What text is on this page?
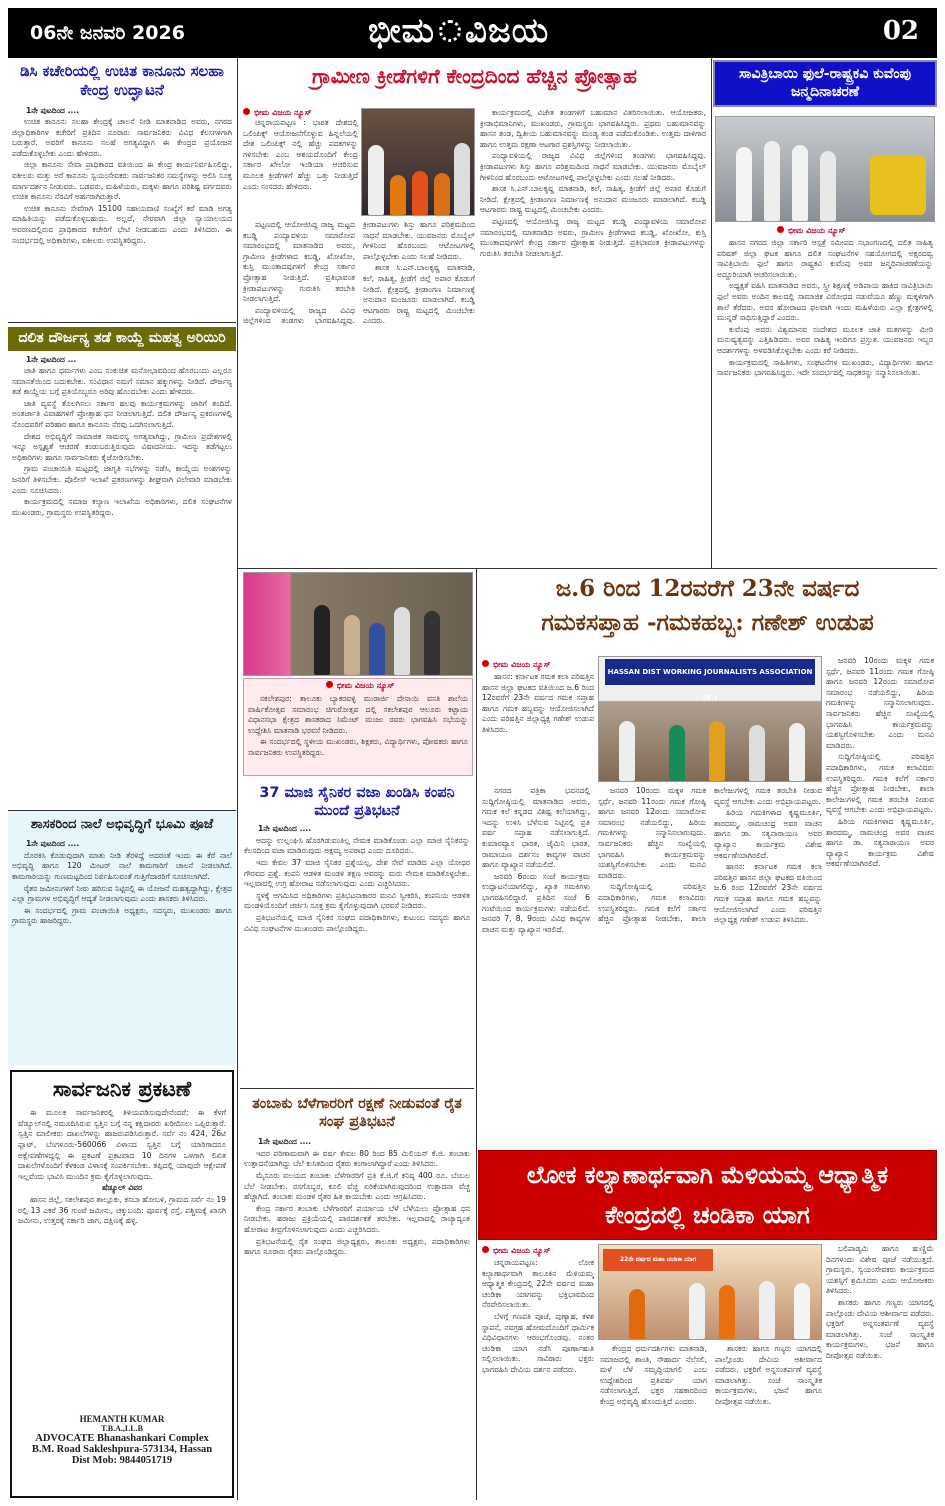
06ನೇ ಜನವರಿ 2026	ಭೀಮ ವಿಜಯ	02
ಡಿಸಿ ಕಚೇರಿಯಲ್ಲಿ ಉಚಿತ ಕಾನೂನು ಸಲಹಾ ಕೇಂದ್ರ ಉದ್ಘಾಟನೆ

1ನೇ ಪುಟದಿಂದ ....

ಉಚಿತ ಕಾನೂನು ಸಲಹಾ ಕೇಂದ್ರಕ್ಕೆ ಚಾಲನೆ ನೀಡಿ ಮಾತನಾಡಿದ ಅವರು, ನಗರದ ಜಿಲ್ಲಾಧಿಕಾರಿಗಳ ಕಚೇರಿಗೆ ಪ್ರತಿದಿನ ನೂರಾರು ಸಾರ್ವಜನಿಕರು ವಿವಿಧ ಕೆಲಸಗಳಿಗಾಗಿ ಬರುತ್ತಾರೆ. ಅವರಿಗೆ ಕಾನೂನು ಸಲಹೆ ಅಗತ್ಯವಿದ್ದಾಗ ಈ ಕೇಂದ್ರದ ಪ್ರಯೋಜನ ಪಡೆದುಕೊಳ್ಳಬೇಕು ಎಂದು ಹೇಳಿದರು.

ಜಿಲ್ಲಾ ಕಾನೂನು ಸೇವಾ ಪ್ರಾಧಿಕಾರದ ವತಿಯಿಂದ ಈ ಕೇಂದ್ರ ಕಾರ್ಯನಿರ್ವಹಿಸಲಿದ್ದು, ವಕೀಲರು ಮತ್ತು ಅರೆ ಕಾನೂನು ಸ್ವಯಂಸೇವಕರು ಸಾರ್ವಜನಿಕರ ಸಮಸ್ಯೆಗಳನ್ನು ಆಲಿಸಿ ಸೂಕ್ತ ಮಾರ್ಗದರ್ಶನ ನೀಡುವರು. ಬಡವರು, ಮಹಿಳೆಯರು, ಮಕ್ಕಳು ಹಾಗೂ ಪರಿಶಿಷ್ಟ ವರ್ಗದವರು ಉಚಿತ ಕಾನೂನು ನೆರವಿಗೆ ಅರ್ಹರಾಗಿರುತ್ತಾರೆ.

ಉಚಿತ ಕಾನೂನು ಸೇವೆಗಾಗಿ 15100 ಸಹಾಯವಾಣಿ ಸಂಖ್ಯೆಗೆ ಕರೆ ಮಾಡಿ ಅಗತ್ಯ ಮಾಹಿತಿಯನ್ನು ಪಡೆದುಕೊಳ್ಳಬಹುದು. ಅಲ್ಲದೆ, ನೇರವಾಗಿ ಜಿಲ್ಲಾ ನ್ಯಾಯಾಲಯದ ಆವರಣದಲ್ಲಿರುವ ಪ್ರಾಧಿಕಾರದ ಕಚೇರಿಗೆ ಭೇಟಿ ನೀಡಬಹುದು ಎಂದು ತಿಳಿಸಿದರು. ಈ ಸಂದರ್ಭದಲ್ಲಿ ಅಧಿಕಾರಿಗಳು, ವಕೀಲರು ಉಪಸ್ಥಿತರಿದ್ದರು.

ದಲಿತ ದೌರ್ಜನ್ಯ ತಡೆ ಕಾಯ್ದೆ ಮಹತ್ವ ಅರಿಯಿರಿ

1ನೇ ಪುಟದಿಂದ ...

ಜಾತಿ ಹಾಗೂ ಧರ್ಮಗಳು ಎಂಬ ಸಂಕುಚಿತ ಮನೋಭಾವದಿಂದ ಹೊರಬಂದು ಎಲ್ಲರೂ ಸಮಾನತೆಯಿಂದ ಬದುಕಬೇಕು. ಸಂವಿಧಾನ ನಮಗೆ ಸಮಾನ ಹಕ್ಕುಗಳನ್ನು ನೀಡಿದೆ. ದೌರ್ಜನ್ಯ ತಡೆ ಕಾಯ್ದೆಯ ಬಗ್ಗೆ ಪ್ರತಿಯೊಬ್ಬರೂ ಅರಿವು ಹೊಂದಬೇಕು ಎಂದು ಹೇಳಿದರು.

ಜಾತಿ ವ್ಯವಸ್ಥೆ ತೊಲಗಿಸಲು ಸರ್ಕಾರ ಹಲವು ಕಾರ್ಯಕ್ರಮಗಳನ್ನು ಜಾರಿಗೆ ತಂದಿದೆ. ಅಂತರ್ಜಾತಿ ವಿವಾಹಗಳಿಗೆ ಪ್ರೋತ್ಸಾಹ ಧನ ನೀಡಲಾಗುತ್ತಿದೆ. ದಲಿತ ದೌರ್ಜನ್ಯ ಪ್ರಕರಣಗಳಲ್ಲಿ ನೊಂದವರಿಗೆ ಪರಿಹಾರ ಹಾಗೂ ಕಾನೂನು ನೆರವು ಒದಗಿಸಲಾಗುತ್ತಿದೆ.

ದೇಶದ ಅಭಿವೃದ್ಧಿಗೆ ಸಾಮಾಜಿಕ ಸಾಮರಸ್ಯ ಅಗತ್ಯವಾಗಿದ್ದು, ಗ್ರಾಮೀಣ ಪ್ರದೇಶಗಳಲ್ಲಿ ಇನ್ನೂ ಅಸ್ಪೃಶ್ಯತೆ ಆಚರಣೆ ಕಂಡುಬರುತ್ತಿರುವುದು ವಿಷಾದನೀಯ. ಇದನ್ನು ತಡೆಗಟ್ಟಲು ಅಧಿಕಾರಿಗಳು ಹಾಗೂ ಸಾರ್ವಜನಿಕರು ಕೈಜೋಡಿಸಬೇಕು.

ಗ್ರಾಮ ಪಂಚಾಯಿತಿ ಮಟ್ಟದಲ್ಲಿ ಜಾಗೃತಿ ಸಭೆಗಳನ್ನು ನಡೆಸಿ, ಕಾಯ್ದೆಯ ಅಂಶಗಳನ್ನು ಜನರಿಗೆ ತಿಳಿಸಬೇಕು. ಪೊಲೀಸ್ ಇಲಾಖೆ ಪ್ರಕರಣಗಳನ್ನು ಶೀಘ್ರವಾಗಿ ವಿಲೇವಾರಿ ಮಾಡಬೇಕು ಎಂದು ಸೂಚಿಸಿದರು.

ಕಾರ್ಯಕ್ರಮದಲ್ಲಿ ಸಮಾಜ ಕಲ್ಯಾಣ ಇಲಾಖೆಯ ಅಧಿಕಾರಿಗಳು, ದಲಿತ ಸಂಘಟನೆಗಳ ಮುಖಂಡರು, ಗ್ರಾಮಸ್ಥರು ಉಪಸ್ಥಿತರಿದ್ದರು.

ಶಾಸಕರಿಂದ ನಾಲೆ ಅಭಿವೃದ್ಧಿಗೆ ಭೂಮಿ ಪೂಜೆ

1ನೇ ಪುಟದಿಂದ ....

ದೊರಕಿಸಿ ಕೊಡುವುದಾಗಿ ಮಾತು ನೀಡಿ ತೆರಳಿದ್ದೆ ಅದರಂತೆ ಇಂದು ಈ ಕೆರೆ ನಾಲೆ ಅಭಿವೃದ್ಧಿ ಹಾಗೂ 120 ಮೀಟರ್ ನಾಲೆ ಕಾಮಗಾರಿಗೆ ಚಾಲನೆ ನೀಡಲಾಗಿದೆ. ಕಾಮಗಾರಿಯನ್ನು ಗುಣಮಟ್ಟದಿಂದ ನಿರ್ವಹಿಸುವಂತೆ ಗುತ್ತಿಗೆದಾರರಿಗೆ ಸೂಚಿಸಲಾಗಿದೆ.

ರೈತರ ಜಮೀನುಗಳಿಗೆ ನೀರು ಹರಿಸುವ ನಿಟ್ಟಿನಲ್ಲಿ ಈ ಯೋಜನೆ ಮಹತ್ವದ್ದಾಗಿದ್ದು, ಕ್ಷೇತ್ರದ ಎಲ್ಲಾ ಗ್ರಾಮಗಳ ಅಭಿವೃದ್ಧಿಗೆ ಆದ್ಯತೆ ನೀಡಲಾಗುವುದು ಎಂದು ಶಾಸಕರು ತಿಳಿಸಿದರು.

ಈ ಸಂದರ್ಭದಲ್ಲಿ ಗ್ರಾಮ ಪಂಚಾಯಿತಿ ಅಧ್ಯಕ್ಷರು, ಸದಸ್ಯರು, ಮುಖಂಡರು ಹಾಗೂ ಗ್ರಾಮಸ್ಥರು ಹಾಜರಿದ್ದರು.

ಸಾರ್ವಜನಿಕ ಪ್ರಕಟಣೆ

ಈ ಮೂಲಕ ಸಾರ್ವಜನಿಕರಲ್ಲಿ ತಿಳಿಯಪಡಿಸುವುದೇನೆಂದರೆ; ಈ ಕೆಳಗೆ ಷೆಡ್ಯೂಲ್‌ನಲ್ಲಿ ನಮೂದಿಸಿರುವ ಸ್ವತ್ತಿನ ಬಗ್ಗೆ ನನ್ನ ಕಕ್ಷಿದಾರರು ಖರೀದಿಸಲು ಒಪ್ಪಿರುತ್ತಾರೆ. ಸ್ವತ್ತಿನ ಮಾಲೀಕರು ದಾಖಲೆಗಳನ್ನು ಹಾಜರುಪಡಿಸಿರುತ್ತಾರೆ. ಸರ್ವೆ ನಂ 424, 26ಟಿ ಫ್ಲಾಟ್, ಬೆಂಗಳೂರು-560066 ವಿಳಾಸದ ಸ್ವತ್ತಿನ ಬಗ್ಗೆ ಯಾರಿಗಾದರೂ ಆಕ್ಷೇಪಣೆಗಳಿದ್ದಲ್ಲಿ ಈ ಪ್ರಕಟಣೆ ಪ್ರಕಟವಾದ 10 ದಿನಗಳ ಒಳಗಾಗಿ ಲಿಖಿತ ದಾಖಲೆಗಳೊಂದಿಗೆ ಕೆಳಕಂಡ ವಿಳಾಸಕ್ಕೆ ಸಂಪರ್ಕಿಸಬೇಕು. ತಪ್ಪಿದಲ್ಲಿ ಯಾವುದೇ ಆಕ್ಷೇಪಣೆ ಇಲ್ಲವೆಂದು ಭಾವಿಸಿ ಮುಂದಿನ ಕ್ರಮ ಕೈಗೊಳ್ಳಲಾಗುವುದು.

ಷೆಡ್ಯೂಲ್ ವಿವರ

ಹಾಸನ ಜಿಲ್ಲೆ, ಸಕಲೇಶಪುರ ತಾಲ್ಲೂಕು, ಕಸಬಾ ಹೋಬಳಿ, ಗ್ರಾಮದ ಸರ್ವೆ ನಂ 19 ರಲ್ಲಿ 13 ಎಕರೆ 36 ಗುಂಟೆ ಜಮೀನು, ಚಕ್ಕುಬಂದಿ: ಪೂರ್ವಕ್ಕೆ ರಸ್ತೆ, ಪಶ್ಚಿಮಕ್ಕೆ ಖಾಸಗಿ ಜಮೀನು, ಉತ್ತರಕ್ಕೆ ಸರ್ಕಾರಿ ಜಾಗ, ದಕ್ಷಿಣಕ್ಕೆ ಹಳ್ಳ.

HEMANTH KUMAR
T.B.A.,LL.B
ADVOCATE Bhanashankari Complex
B.M. Road Sakleshpura-573134, Hassan
Dist Mob: 9844051719
ಗ್ರಾಮೀಣ ಕ್ರೀಡೆಗಳಿಗೆ ಕೇಂದ್ರದಿಂದ ಹೆಚ್ಚಿನ ಪ್ರೋತ್ಸಾಹ
ಭೀಮ ವಿಜಯ ನ್ಯೂಸ್

ಚನ್ನರಾಯಪಟ್ಟಣ : ಭಾರತ ದೇಶದಲ್ಲಿ ಒಲಿಂಪಿಕ್ಸ್ ಆಯೋಜನೆಗೊಳ್ಳುವ ಹಿನ್ನಲೆಯಲ್ಲಿ ದೇಶ ಒಲಿಂಪಿಕ್ಸ್ ನಲ್ಲಿ ಹೆಚ್ಚು ಪದಕಗಳನ್ನು ಗಳಿಸಬೇಕು ಎಂಬ ಆಶಯದೊಂದಿಗೆ ಕೇಂದ್ರ ಸರ್ಕಾರ ಖೇಲೋ ಇಂಡಿಯಾ ಆಚರಿಸುವ ಮೂಲಕ ಕ್ರೀಡೆಗಳಿಗೆ ಹೆಚ್ಚು ಒತ್ತು ನೀಡುತ್ತಿದೆ ಎಂದು ಸಂಸದರು ಹೇಳಿದರು.

ಪಟ್ಟಣದಲ್ಲಿ ಆಯೋಜಿಸಿದ್ದ ರಾಜ್ಯ ಮಟ್ಟದ ಕಬಡ್ಡಿ ಪಂದ್ಯಾವಳಿಯ ಸಮಾರೋಪ ಸಮಾರಂಭದಲ್ಲಿ ಮಾತನಾಡಿದ ಅವರು, ಗ್ರಾಮೀಣ ಕ್ರೀಡೆಗಳಾದ ಕಬಡ್ಡಿ, ಖೋಖೋ, ಕುಸ್ತಿ ಮುಂತಾದವುಗಳಿಗೆ ಕೇಂದ್ರ ಸರ್ಕಾರ ಪ್ರೋತ್ಸಾಹ ನೀಡುತ್ತಿದೆ. ಪ್ರತಿಭಾವಂತ ಕ್ರೀಡಾಪಟುಗಳನ್ನು ಗುರುತಿಸಿ ತರಬೇತಿ ನೀಡಲಾಗುತ್ತಿದೆ.

ಪಂದ್ಯಾವಳಿಯಲ್ಲಿ ರಾಜ್ಯದ ವಿವಿಧ ಜಿಲ್ಲೆಗಳಿಂದ ತಂಡಗಳು ಭಾಗವಹಿಸಿದ್ದವು. ಕ್ರೀಡಾಪಟುಗಳು ಶಿಸ್ತು ಹಾಗೂ ಪರಿಶ್ರಮದಿಂದ ಸಾಧನೆ ಮಾಡಬೇಕು. ಯುವಜನರು ಮೊಬೈಲ್ ಗೀಳಿನಿಂದ ಹೊರಬಂದು ಆಟೋಟಗಳಲ್ಲಿ ಪಾಲ್ಗೊಳ್ಳಬೇಕು ಎಂದು ಸಲಹೆ ನೀಡಿದರು.

ಶಾಸಕ ಸಿ.ಎನ್.ಬಾಲಕೃಷ್ಣ ಮಾತನಾಡಿ, ಕಲೆ, ಸಾಹಿತ್ಯ, ಕ್ರೀಡೆಗೆ ಜಿಲ್ಲೆ ಅಪಾರ ಕೊಡುಗೆ ನೀಡಿದೆ. ಕ್ಷೇತ್ರದಲ್ಲಿ ಕ್ರೀಡಾಂಗಣ ನಿರ್ಮಾಣಕ್ಕೆ ಅನುದಾನ ಮಂಜೂರು ಮಾಡಲಾಗಿದೆ. ಕಬಡ್ಡಿ ಆಟಗಾರರು ರಾಷ್ಟ್ರ ಮಟ್ಟದಲ್ಲಿ ಮಿಂಚಬೇಕು ಎಂದರು.

ಕಾರ್ಯಕ್ರಮದಲ್ಲಿ ವಿಜೇತ ತಂಡಗಳಿಗೆ ಬಹುಮಾನ ವಿತರಿಸಲಾಯಿತು. ಆಯೋಜಕರು, ಕ್ರೀಡಾಭಿಮಾನಿಗಳು, ಮುಖಂಡರು, ಗ್ರಾಮಸ್ಥರು ಭಾಗವಹಿಸಿದ್ದರು. ಪ್ರಥಮ ಬಹುಮಾನವನ್ನು ಹಾಸನ ತಂಡ, ದ್ವಿತೀಯ ಬಹುಮಾನವನ್ನು ಮಂಡ್ಯ ತಂಡ ಪಡೆದುಕೊಂಡಿತು. ಉತ್ತಮ ದಾಳಿಗಾರ ಹಾಗೂ ಉತ್ತಮ ರಕ್ಷಣಾ ಆಟಗಾರ ಪ್ರಶಸ್ತಿಗಳನ್ನು ನೀಡಲಾಯಿತು.

ಪಂದ್ಯಾವಳಿಯಲ್ಲಿ ರಾಜ್ಯದ ವಿವಿಧ ಜಿಲ್ಲೆಗಳಿಂದ ತಂಡಗಳು ಭಾಗವಹಿಸಿದ್ದವು. ಕ್ರೀಡಾಪಟುಗಳು ಶಿಸ್ತು ಹಾಗೂ ಪರಿಶ್ರಮದಿಂದ ಸಾಧನೆ ಮಾಡಬೇಕು. ಯುವಜನರು ಮೊಬೈಲ್ ಗೀಳಿನಿಂದ ಹೊರಬಂದು ಆಟೋಟಗಳಲ್ಲಿ ಪಾಲ್ಗೊಳ್ಳಬೇಕು ಎಂದು ಸಲಹೆ ನೀಡಿದರು.

ಶಾಸಕ ಸಿ.ಎನ್.ಬಾಲಕೃಷ್ಣ ಮಾತನಾಡಿ, ಕಲೆ, ಸಾಹಿತ್ಯ, ಕ್ರೀಡೆಗೆ ಜಿಲ್ಲೆ ಅಪಾರ ಕೊಡುಗೆ ನೀಡಿದೆ. ಕ್ಷೇತ್ರದಲ್ಲಿ ಕ್ರೀಡಾಂಗಣ ನಿರ್ಮಾಣಕ್ಕೆ ಅನುದಾನ ಮಂಜೂರು ಮಾಡಲಾಗಿದೆ. ಕಬಡ್ಡಿ ಆಟಗಾರರು ರಾಷ್ಟ್ರ ಮಟ್ಟದಲ್ಲಿ ಮಿಂಚಬೇಕು ಎಂದರು.

ಪಟ್ಟಣದಲ್ಲಿ ಆಯೋಜಿಸಿದ್ದ ರಾಜ್ಯ ಮಟ್ಟದ ಕಬಡ್ಡಿ ಪಂದ್ಯಾವಳಿಯ ಸಮಾರೋಪ ಸಮಾರಂಭದಲ್ಲಿ ಮಾತನಾಡಿದ ಅವರು, ಗ್ರಾಮೀಣ ಕ್ರೀಡೆಗಳಾದ ಕಬಡ್ಡಿ, ಖೋಖೋ, ಕುಸ್ತಿ ಮುಂತಾದವುಗಳಿಗೆ ಕೇಂದ್ರ ಸರ್ಕಾರ ಪ್ರೋತ್ಸಾಹ ನೀಡುತ್ತಿದೆ. ಪ್ರತಿಭಾವಂತ ಕ್ರೀಡಾಪಟುಗಳನ್ನು ಗುರುತಿಸಿ ತರಬೇತಿ ನೀಡಲಾಗುತ್ತಿದೆ.

ಭೀಮ ವಿಜಯ ನ್ಯೂಸ್

ಸಕಲೇಶಪುರ: ತಾಲೂಕು ಬ್ಯಾಕರವಳ್ಳಿ ಮುರಾರ್ಜಿ ದೇಸಾಯಿ ವಸತಿ ಶಾಲೆಯ ವಾರ್ಷಿಕೋತ್ಸವ ಸಮಾರಂಭ ಚಿಗುರೋತ್ಸವ ದಲ್ಲಿ ಸಕಲೇಶಪುರ ಆಲೂರು ಕಟ್ಟಾಯ ವಿಧಾನಸಭಾ ಕ್ಷೇತ್ರದ ಶಾಸಕರಾದ ಸಿಮೆಂಟ್ ಮಂಜು ರವರು ಭಾಗವಹಿಸಿ ಸಭೆಯನ್ನು ಉದ್ದೇಶಿಸಿ ಮಾತನಾಡಿ ಭರವಸೆ ನೀಡಿದರು.

ಈ ಸಂದರ್ಭದಲ್ಲಿ ಸ್ಥಳೀಯ ಮುಖಂಡರು, ಶಿಕ್ಷಕರು, ವಿದ್ಯಾರ್ಥಿಗಳು, ಪೋಷಕರು ಹಾಗೂ ಸಾರ್ವಜನಿಕರು ಉಪಸ್ಥಿತರಿದ್ದರು.

37 ಮಾಜಿ ಸೈನಿಕರ ವಜಾ ಖಂಡಿಸಿ ಕಂಪನಿ ಮುಂದೆ ಪ್ರತಿಭಟನೆ

1ನೇ ಪುಟದಿಂದ ....

ಆದನ್ನು ಉಲ್ಲಂಘಿಸಿ ಹೊರಗಿಡುವಂತಿಲ್ಲ ನೇಮಕ ಮಾಡಿಕೊಂಡು ಎಲ್ಲಾ ಮಾಜಿ ಸೈನಿಕರನ್ನು ಕೆಲಸದಿಂದ ವಜಾ ಮಾಡಿರುವುದು ಅಕ್ಷಮ್ಯ ಅಪರಾಧ ಎಂದು ದೂರಿದರು.

ಇದು ಕೇವಲ 37 ಮಾಜಿ ಸೈನಿಕರ ಪ್ರಶ್ನೆಯಲ್ಲ, ದೇಶ ಸೇವೆ ಮಾಡಿದ ಎಲ್ಲಾ ಯೋಧರ ಗೌರವದ ಪ್ರಶ್ನೆ. ಕಂಪನಿ ಆಡಳಿತ ಮಂಡಳಿ ತಕ್ಷಣ ಅವರನ್ನು ಮರು ನೇಮಕ ಮಾಡಿಕೊಳ್ಳಬೇಕು. ಇಲ್ಲವಾದಲ್ಲಿ ಉಗ್ರ ಹೋರಾಟ ನಡೆಸಲಾಗುವುದು ಎಂದು ಎಚ್ಚರಿಸಿದರು.

ಸ್ಥಳಕ್ಕೆ ಆಗಮಿಸಿದ ಅಧಿಕಾರಿಗಳು ಪ್ರತಿಭಟನಾಕಾರರ ಮನವಿ ಸ್ವೀಕರಿಸಿ, ಕಂಪನಿಯ ಆಡಳಿತ ಮಂಡಳಿಯೊಂದಿಗೆ ಚರ್ಚಿಸಿ ಸೂಕ್ತ ಕ್ರಮ ಕೈಗೊಳ್ಳುವುದಾಗಿ ಭರವಸೆ ನೀಡಿದರು.

ಪ್ರತಿಭಟನೆಯಲ್ಲಿ ಮಾಜಿ ಸೈನಿಕರ ಸಂಘದ ಪದಾಧಿಕಾರಿಗಳು, ಕುಟುಂಬ ಸದಸ್ಯರು ಹಾಗೂ ವಿವಿಧ ಸಂಘಟನೆಗಳ ಮುಖಂಡರು ಪಾಲ್ಗೊಂಡಿದ್ದರು.

ತಂಬಾಕು ಬೆಳೆಗಾರರಿಗೆ ರಕ್ಷಣೆ ನೀಡುವಂತೆ ರೈತ ಸಂಘ ಪ್ರತಿಭಟನೆ

1ನೇ ಪುಟದಿಂದ ....

ಇದರ ಪರಿಣಾಮವಾಗಿ ಈ ವರ್ಷ ಕೇವಲ 80 ರಿಂದ 85 ಮಿಲಿಯನ್ ಕೆ.ಜಿ. ತಂಬಾಕು ಉತ್ಪಾದನೆಯಾಗಿದ್ದು ಬೆಲೆ ಕುಸಿತದಿಂದ ರೈತರು ಕಂಗಾಲಾಗಿದ್ದಾರೆ ಎಂದು ತಿಳಿಸಿದರು.

ಮೈಸೂರು ವಲಯದ ತಂಬಾಕು ಬೆಳೆಗಾರರಿಗೆ ಪ್ರತಿ ಕೆ.ಜಿ.ಗೆ ಕನಿಷ್ಠ 400 ರೂ. ಬೆಂಬಲ ಬೆಲೆ ನೀಡಬೇಕು. ರಸಗೊಬ್ಬರ, ಕೂಲಿ ವೆಚ್ಚ ಏರಿಕೆಯಾಗಿರುವುದರಿಂದ ಉತ್ಪಾದನಾ ವೆಚ್ಚ ಹೆಚ್ಚಾಗಿದೆ. ತಂಬಾಕು ಮಂಡಳಿ ರೈತರ ಹಿತ ಕಾಯಬೇಕು ಎಂದು ಆಗ್ರಹಿಸಿದರು.

ಕೇಂದ್ರ ಸರ್ಕಾರ ತಂಬಾಕು ಬೆಳೆಗಾರರಿಗೆ ಪರ್ಯಾಯ ಬೆಳೆ ಬೆಳೆಯಲು ಪ್ರೋತ್ಸಾಹ ಧನ ನೀಡಬೇಕು. ಹರಾಜು ಪ್ರಕ್ರಿಯೆಯಲ್ಲಿ ಪಾರದರ್ಶಕತೆ ತರಬೇಕು. ಇಲ್ಲವಾದಲ್ಲಿ ರಾಜ್ಯಾದ್ಯಂತ ಹೋರಾಟ ತೀವ್ರಗೊಳಿಸಲಾಗುವುದು ಎಂದು ಎಚ್ಚರಿಸಿದರು.

ಪ್ರತಿಭಟನೆಯಲ್ಲಿ ರೈತ ಸಂಘದ ಜಿಲ್ಲಾಧ್ಯಕ್ಷರು, ತಾಲೂಕು ಅಧ್ಯಕ್ಷರು, ಪದಾಧಿಕಾರಿಗಳು ಹಾಗೂ ನೂರಾರು ರೈತರು ಪಾಲ್ಗೊಂಡಿದ್ದರು.

ಸಾವಿತ್ರಿಬಾಯಿ ಫುಲೆ-ರಾಷ್ಟ್ರಕವಿ ಕುವೆಂಪು ಜನ್ಮದಿನಾಚರಣೆ
ಭೀಮ ವಿಜಯ ನ್ಯೂಸ್

ಹಾಸನ ನಗರದ ಜಿಲ್ಲಾ ಸರ್ಕಾರಿ ಆಸ್ಪತ್ರೆ ಸಮೀಪದ ಸಭಾಂಗಣದಲ್ಲಿ ದಲಿತ ಸಾಹಿತ್ಯ ಪರಿಷತ್ ಜಿಲ್ಲಾ ಘಟಕ ಹಾಗೂ ದಲಿತ ಸಂಘಟನೆಗಳ ಸಹಯೋಗದಲ್ಲಿ ಅಕ್ಷರದವ್ವ ಸಾವಿತ್ರಿಬಾಯಿ ಫುಲೆ ಹಾಗೂ ರಾಷ್ಟ್ರಕವಿ ಕುವೆಂಪು ಅವರ ಜನ್ಮದಿನಾಚರಣೆಯನ್ನು ಅದ್ದೂರಿಯಾಗಿ ಆಚರಿಸಲಾಯಿತು.

ಅಧ್ಯಕ್ಷತೆ ವಹಿಸಿ ಮಾತನಾಡಿದ ಅವರು, ಸ್ತ್ರೀ ಶಿಕ್ಷಣಕ್ಕೆ ಅಡಿಪಾಯ ಹಾಕಿದ ಸಾವಿತ್ರಿಬಾಯಿ ಫುಲೆ ಅವರು ಅಂದಿನ ಕಾಲದಲ್ಲಿ ಸಾಮಾಜಿಕ ವಿರೋಧದ ನಡುವೆಯೂ ಹೆಣ್ಣು ಮಕ್ಕಳಿಗಾಗಿ ಶಾಲೆ ತೆರೆದರು. ಅವರ ಹೋರಾಟದ ಫಲವಾಗಿ ಇಂದು ಮಹಿಳೆಯರು ಎಲ್ಲಾ ಕ್ಷೇತ್ರಗಳಲ್ಲಿ ಮುನ್ನಡೆ ಸಾಧಿಸುತ್ತಿದ್ದಾರೆ ಎಂದರು.

ಕುವೆಂಪು ಅವರು ವಿಶ್ವಮಾನವ ಸಂದೇಶದ ಮೂಲಕ ಜಾತಿ ಮತಗಳನ್ನು ಮೀರಿ ಮನುಷ್ಯತ್ವವನ್ನು ಎತ್ತಿಹಿಡಿದರು. ಅವರ ಸಾಹಿತ್ಯ ಇಂದಿಗೂ ಪ್ರಸ್ತುತ. ಯುವಜನರು ಇಬ್ಬರ ಆದರ್ಶಗಳನ್ನು ಅಳವಡಿಸಿಕೊಳ್ಳಬೇಕು ಎಂದು ಕರೆ ನೀಡಿದರು.

ಕಾರ್ಯಕ್ರಮದಲ್ಲಿ ಸಾಹಿತಿಗಳು, ಸಂಘಟನೆಗಳ ಮುಖಂಡರು, ವಿದ್ಯಾರ್ಥಿಗಳು ಹಾಗೂ ಸಾರ್ವಜನಿಕರು ಭಾಗವಹಿಸಿದ್ದರು. ಇದೇ ಸಂದರ್ಭದಲ್ಲಿ ಸಾಧಕರನ್ನು ಸನ್ಮಾನಿಸಲಾಯಿತು.

ಜ.6 ರಿಂದ 12ರವರೆಗೆ 23ನೇ ವರ್ಷದ
ಗಮಕಸಪ್ತಾಹ -ಗಮಕಹಬ್ಬ: ಗಣೇಶ್ ಉಡುಪ
ಭೀಮ ವಿಜಯ ನ್ಯೂಸ್

ಹಾಸನ: ಕರ್ನಾಟಕ ಗಮಕ ಕಲಾ ಪರಿಷತ್ತಿನ ಹಾಸನ ಜಿಲ್ಲಾ ಘಟಕದ ವತಿಯಿಂದ ಜ.6 ರಿಂದ 12ರವರೆಗೆ 23ನೇ ವರ್ಷದ ಗಮಕ ಸಪ್ತಾಹ ಹಾಗೂ ಗಮಕ ಹಬ್ಬವನ್ನು ಆಯೋಜಿಸಲಾಗಿದೆ ಎಂದು ಪರಿಷತ್ತಿನ ಜಿಲ್ಲಾಧ್ಯಕ್ಷ ಗಣೇಶ್ ಉಡುಪ ತಿಳಿಸಿದರು.

HASSAN DIST WORKING JOURNALISTS ASSOCIATION (R.)

ಜನವರಿ 10ರಂದು ಮಕ್ಕಳ ಗಮಕ ಸ್ಪರ್ಧೆ, ಜನವರಿ 11ರಂದು ಗಮಕ ಗೋಷ್ಠಿ ಹಾಗೂ ಜನವರಿ 12ರಂದು ಸಮಾರೋಪ ಸಮಾರಂಭ ನಡೆಯಲಿದ್ದು, ಹಿರಿಯ ಗಮಕಿಗಳನ್ನು ಸನ್ಮಾನಿಸಲಾಗುವುದು. ಸಾರ್ವಜನಿಕರು ಹೆಚ್ಚಿನ ಸಂಖ್ಯೆಯಲ್ಲಿ ಭಾಗವಹಿಸಿ ಕಾರ್ಯಕ್ರಮವನ್ನು ಯಶಸ್ವಿಗೊಳಿಸಬೇಕು ಎಂದು ಮನವಿ ಮಾಡಿದರು.

ಸುದ್ದಿಗೋಷ್ಠಿಯಲ್ಲಿ ಪರಿಷತ್ತಿನ ಪದಾಧಿಕಾರಿಗಳು, ಗಮಕ ಕಲಾವಿದರು ಉಪಸ್ಥಿತರಿದ್ದರು. ಗಮಕ ಕಲೆಗೆ ಸರ್ಕಾರ ಹೆಚ್ಚಿನ ಪ್ರೋತ್ಸಾಹ ನೀಡಬೇಕು, ಶಾಲಾ ಕಾಲೇಜುಗಳಲ್ಲಿ ಗಮಕ ತರಬೇತಿ ನೀಡುವ ವ್ಯವಸ್ಥೆ ಆಗಬೇಕು ಎಂದು ಅಭಿಪ್ರಾಯಪಟ್ಟರು.

ಹಿರಿಯ ಗಮಕಿಗಳಾದ ಕೃಷ್ಣಮೂರ್ತಿ, ಶಾರದಮ್ಮ, ರಾಮಚಂದ್ರ ಅವರ ವಾಚನ ಹಾಗೂ ಡಾ. ಸತ್ಯನಾರಾಯಣ ಅವರ ವ್ಯಾಖ್ಯಾನ ಕಾರ್ಯಕ್ರಮ ವಿಶೇಷ ಆಕರ್ಷಣೆಯಾಗಿರಲಿದೆ.

ನಗರದ ಪತ್ರಿಕಾ ಭವನದಲ್ಲಿ ಸುದ್ದಿಗೋಷ್ಠಿಯಲ್ಲಿ ಮಾತನಾಡಿದ ಅವರು, ಗಮಕ ಕಲೆ ಕನ್ನಡದ ವಿಶಿಷ್ಟ ಕಲೆಯಾಗಿದ್ದು, ಇದನ್ನು ಉಳಿಸಿ ಬೆಳೆಸುವ ನಿಟ್ಟಿನಲ್ಲಿ ಪ್ರತಿ ವರ್ಷ ಸಪ್ತಾಹ ನಡೆಸಲಾಗುತ್ತಿದೆ. ಕುಮಾರವ್ಯಾಸ ಭಾರತ, ಜೈಮಿನಿ ಭಾರತ, ರಾಮಾಯಣ ದರ್ಶನಂ ಕಾವ್ಯಗಳ ವಾಚನ ಹಾಗೂ ವ್ಯಾಖ್ಯಾನ ನಡೆಯಲಿದೆ.

ಜನವರಿ 6ರಂದು ಸಂಜೆ ಕಾರ್ಯಕ್ರಮ ಉದ್ಘಾಟನೆಯಾಗಲಿದ್ದು, ಖ್ಯಾತ ಗಮಕಿಗಳು ಭಾಗವಹಿಸಲಿದ್ದಾರೆ. ಪ್ರತಿದಿನ ಸಂಜೆ 6 ಗಂಟೆಯಿಂದ ಕಾರ್ಯಕ್ರಮಗಳು ನಡೆಯಲಿವೆ. ಜನವರಿ 7, 8, 9ರಂದು ವಿವಿಧ ಕಾವ್ಯಗಳ ವಾಚನ ಮತ್ತು ವ್ಯಾಖ್ಯಾನ ಇರಲಿದೆ.

ಜನವರಿ 10ರಂದು ಮಕ್ಕಳ ಗಮಕ ಸ್ಪರ್ಧೆ, ಜನವರಿ 11ರಂದು ಗಮಕ ಗೋಷ್ಠಿ ಹಾಗೂ ಜನವರಿ 12ರಂದು ಸಮಾರೋಪ ಸಮಾರಂಭ ನಡೆಯಲಿದ್ದು, ಹಿರಿಯ ಗಮಕಿಗಳನ್ನು ಸನ್ಮಾನಿಸಲಾಗುವುದು. ಸಾರ್ವಜನಿಕರು ಹೆಚ್ಚಿನ ಸಂಖ್ಯೆಯಲ್ಲಿ ಭಾಗವಹಿಸಿ ಕಾರ್ಯಕ್ರಮವನ್ನು ಯಶಸ್ವಿಗೊಳಿಸಬೇಕು ಎಂದು ಮನವಿ ಮಾಡಿದರು.

ಸುದ್ದಿಗೋಷ್ಠಿಯಲ್ಲಿ ಪರಿಷತ್ತಿನ ಪದಾಧಿಕಾರಿಗಳು, ಗಮಕ ಕಲಾವಿದರು ಉಪಸ್ಥಿತರಿದ್ದರು. ಗಮಕ ಕಲೆಗೆ ಸರ್ಕಾರ ಹೆಚ್ಚಿನ ಪ್ರೋತ್ಸಾಹ ನೀಡಬೇಕು, ಶಾಲಾ ಕಾಲೇಜುಗಳಲ್ಲಿ ಗಮಕ ತರಬೇತಿ ನೀಡುವ ವ್ಯವಸ್ಥೆ ಆಗಬೇಕು ಎಂದು ಅಭಿಪ್ರಾಯಪಟ್ಟರು.

ಹಿರಿಯ ಗಮಕಿಗಳಾದ ಕೃಷ್ಣಮೂರ್ತಿ, ಶಾರದಮ್ಮ, ರಾಮಚಂದ್ರ ಅವರ ವಾಚನ ಹಾಗೂ ಡಾ. ಸತ್ಯನಾರಾಯಣ ಅವರ ವ್ಯಾಖ್ಯಾನ ಕಾರ್ಯಕ್ರಮ ವಿಶೇಷ ಆಕರ್ಷಣೆಯಾಗಿರಲಿದೆ.

ಹಾಸನ: ಕರ್ನಾಟಕ ಗಮಕ ಕಲಾ ಪರಿಷತ್ತಿನ ಹಾಸನ ಜಿಲ್ಲಾ ಘಟಕದ ವತಿಯಿಂದ ಜ.6 ರಿಂದ 12ರವರೆಗೆ 23ನೇ ವರ್ಷದ ಗಮಕ ಸಪ್ತಾಹ ಹಾಗೂ ಗಮಕ ಹಬ್ಬವನ್ನು ಆಯೋಜಿಸಲಾಗಿದೆ ಎಂದು ಪರಿಷತ್ತಿನ ಜಿಲ್ಲಾಧ್ಯಕ್ಷ ಗಣೇಶ್ ಉಡುಪ ತಿಳಿಸಿದರು.

ಲೋಕ ಕಲ್ಯಾಣಾರ್ಥವಾಗಿ ಮೆಳಿಯಮ್ಮ ಆಧ್ಯಾತ್ಮಿಕ ಕೇಂದ್ರದಲ್ಲಿ ಚಂಡಿಕಾ ಯಾಗ
ಭೀಮ ವಿಜಯ ನ್ಯೂಸ್

ಚನ್ನರಾಯಪಟ್ಟಣ: ಲೋಕ ಕಲ್ಯಾಣಾರ್ಥವಾಗಿ ತಾಲೂಕಿನ ಮೆಳಿಯಮ್ಮ ಆಧ್ಯಾತ್ಮಿಕ ಕೇಂದ್ರದಲ್ಲಿ 22ನೇ ವರ್ಷದ ಮಹಾ ಚಂಡಿಕಾ ಯಾಗವನ್ನು ಭಕ್ತಿಭಾವದಿಂದ ನೆರವೇರಿಸಲಾಯಿತು.

ಬೆಳಗ್ಗೆ ಗಣಪತಿ ಪೂಜೆ, ಪುಣ್ಯಾಹ, ಕಳಶ ಸ್ಥಾಪನೆ, ನವಗ್ರಹ ಹೋಮದೊಂದಿಗೆ ಧಾರ್ಮಿಕ ವಿಧಿವಿಧಾನಗಳು ಆರಂಭಗೊಂಡವು. ನಂತರ ಚಂಡಿಕಾ ಯಾಗ ನಡೆಸಿ ಪೂರ್ಣಾಹುತಿ ಸಲ್ಲಿಸಲಾಯಿತು. ಸಾವಿರಾರು ಭಕ್ತರು ಭಾಗವಹಿಸಿ ದೇವಿಯ ದರ್ಶನ ಪಡೆದರು.

22ನೇ ವರ್ಷದ ಮಹಾ ಚಂಡಿಕಾ ಯಾಗ

ಕೇಂದ್ರದ ಧರ್ಮದರ್ಶಿಗಳು ಮಾತನಾಡಿ, ಸಮಾಜದಲ್ಲಿ ಶಾಂತಿ, ಸೌಹಾರ್ದ ನೆಲೆಸಲಿ, ಮಳೆ ಬೆಳೆ ಸಮೃದ್ಧಿಯಾಗಲಿ ಎಂಬ ಉದ್ದೇಶದಿಂದ ಪ್ರತಿವರ್ಷ ಯಾಗ ನಡೆಸಲಾಗುತ್ತಿದೆ. ಭಕ್ತರ ಸಹಕಾರದಿಂದ ಕೇಂದ್ರ ಅಭಿವೃದ್ಧಿ ಹೊಂದುತ್ತಿದೆ ಎಂದರು.

ಶಾಸಕರು ಹಾಗೂ ಗಣ್ಯರು ಯಾಗದಲ್ಲಿ ಪಾಲ್ಗೊಂಡು ದೇವಿಯ ಆಶೀರ್ವಾದ ಪಡೆದರು. ಭಕ್ತರಿಗೆ ಅನ್ನಸಂತರ್ಪಣೆ ವ್ಯವಸ್ಥೆ ಮಾಡಲಾಗಿತ್ತು. ಸಂಜೆ ಸಾಂಸ್ಕೃತಿಕ ಕಾರ್ಯಕ್ರಮಗಳು, ಭಜನೆ ಹಾಗೂ ದೀಪೋತ್ಸವ ನಡೆಯಿತು.

ಬಲಿಪಾಡ್ಯಮಿ ಹಾಗೂ ಹುಣ್ಣಿಮೆ ದಿನಗಳಂದು ವಿಶೇಷ ಪೂಜೆ ನಡೆಯುತ್ತದೆ. ಗ್ರಾಮಸ್ಥರು, ಸ್ವಯಂಸೇವಕರು ಕಾರ್ಯಕ್ರಮದ ಯಶಸ್ಸಿಗೆ ಶ್ರಮಿಸಿದರು ಎಂದು ಆಯೋಜಕರು ತಿಳಿಸಿದರು.

ಶಾಸಕರು ಹಾಗೂ ಗಣ್ಯರು ಯಾಗದಲ್ಲಿ ಪಾಲ್ಗೊಂಡು ದೇವಿಯ ಆಶೀರ್ವಾದ ಪಡೆದರು. ಭಕ್ತರಿಗೆ ಅನ್ನಸಂತರ್ಪಣೆ ವ್ಯವಸ್ಥೆ ಮಾಡಲಾಗಿತ್ತು. ಸಂಜೆ ಸಾಂಸ್ಕೃತಿಕ ಕಾರ್ಯಕ್ರಮಗಳು, ಭಜನೆ ಹಾಗೂ ದೀಪೋತ್ಸವ ನಡೆಯಿತು.
